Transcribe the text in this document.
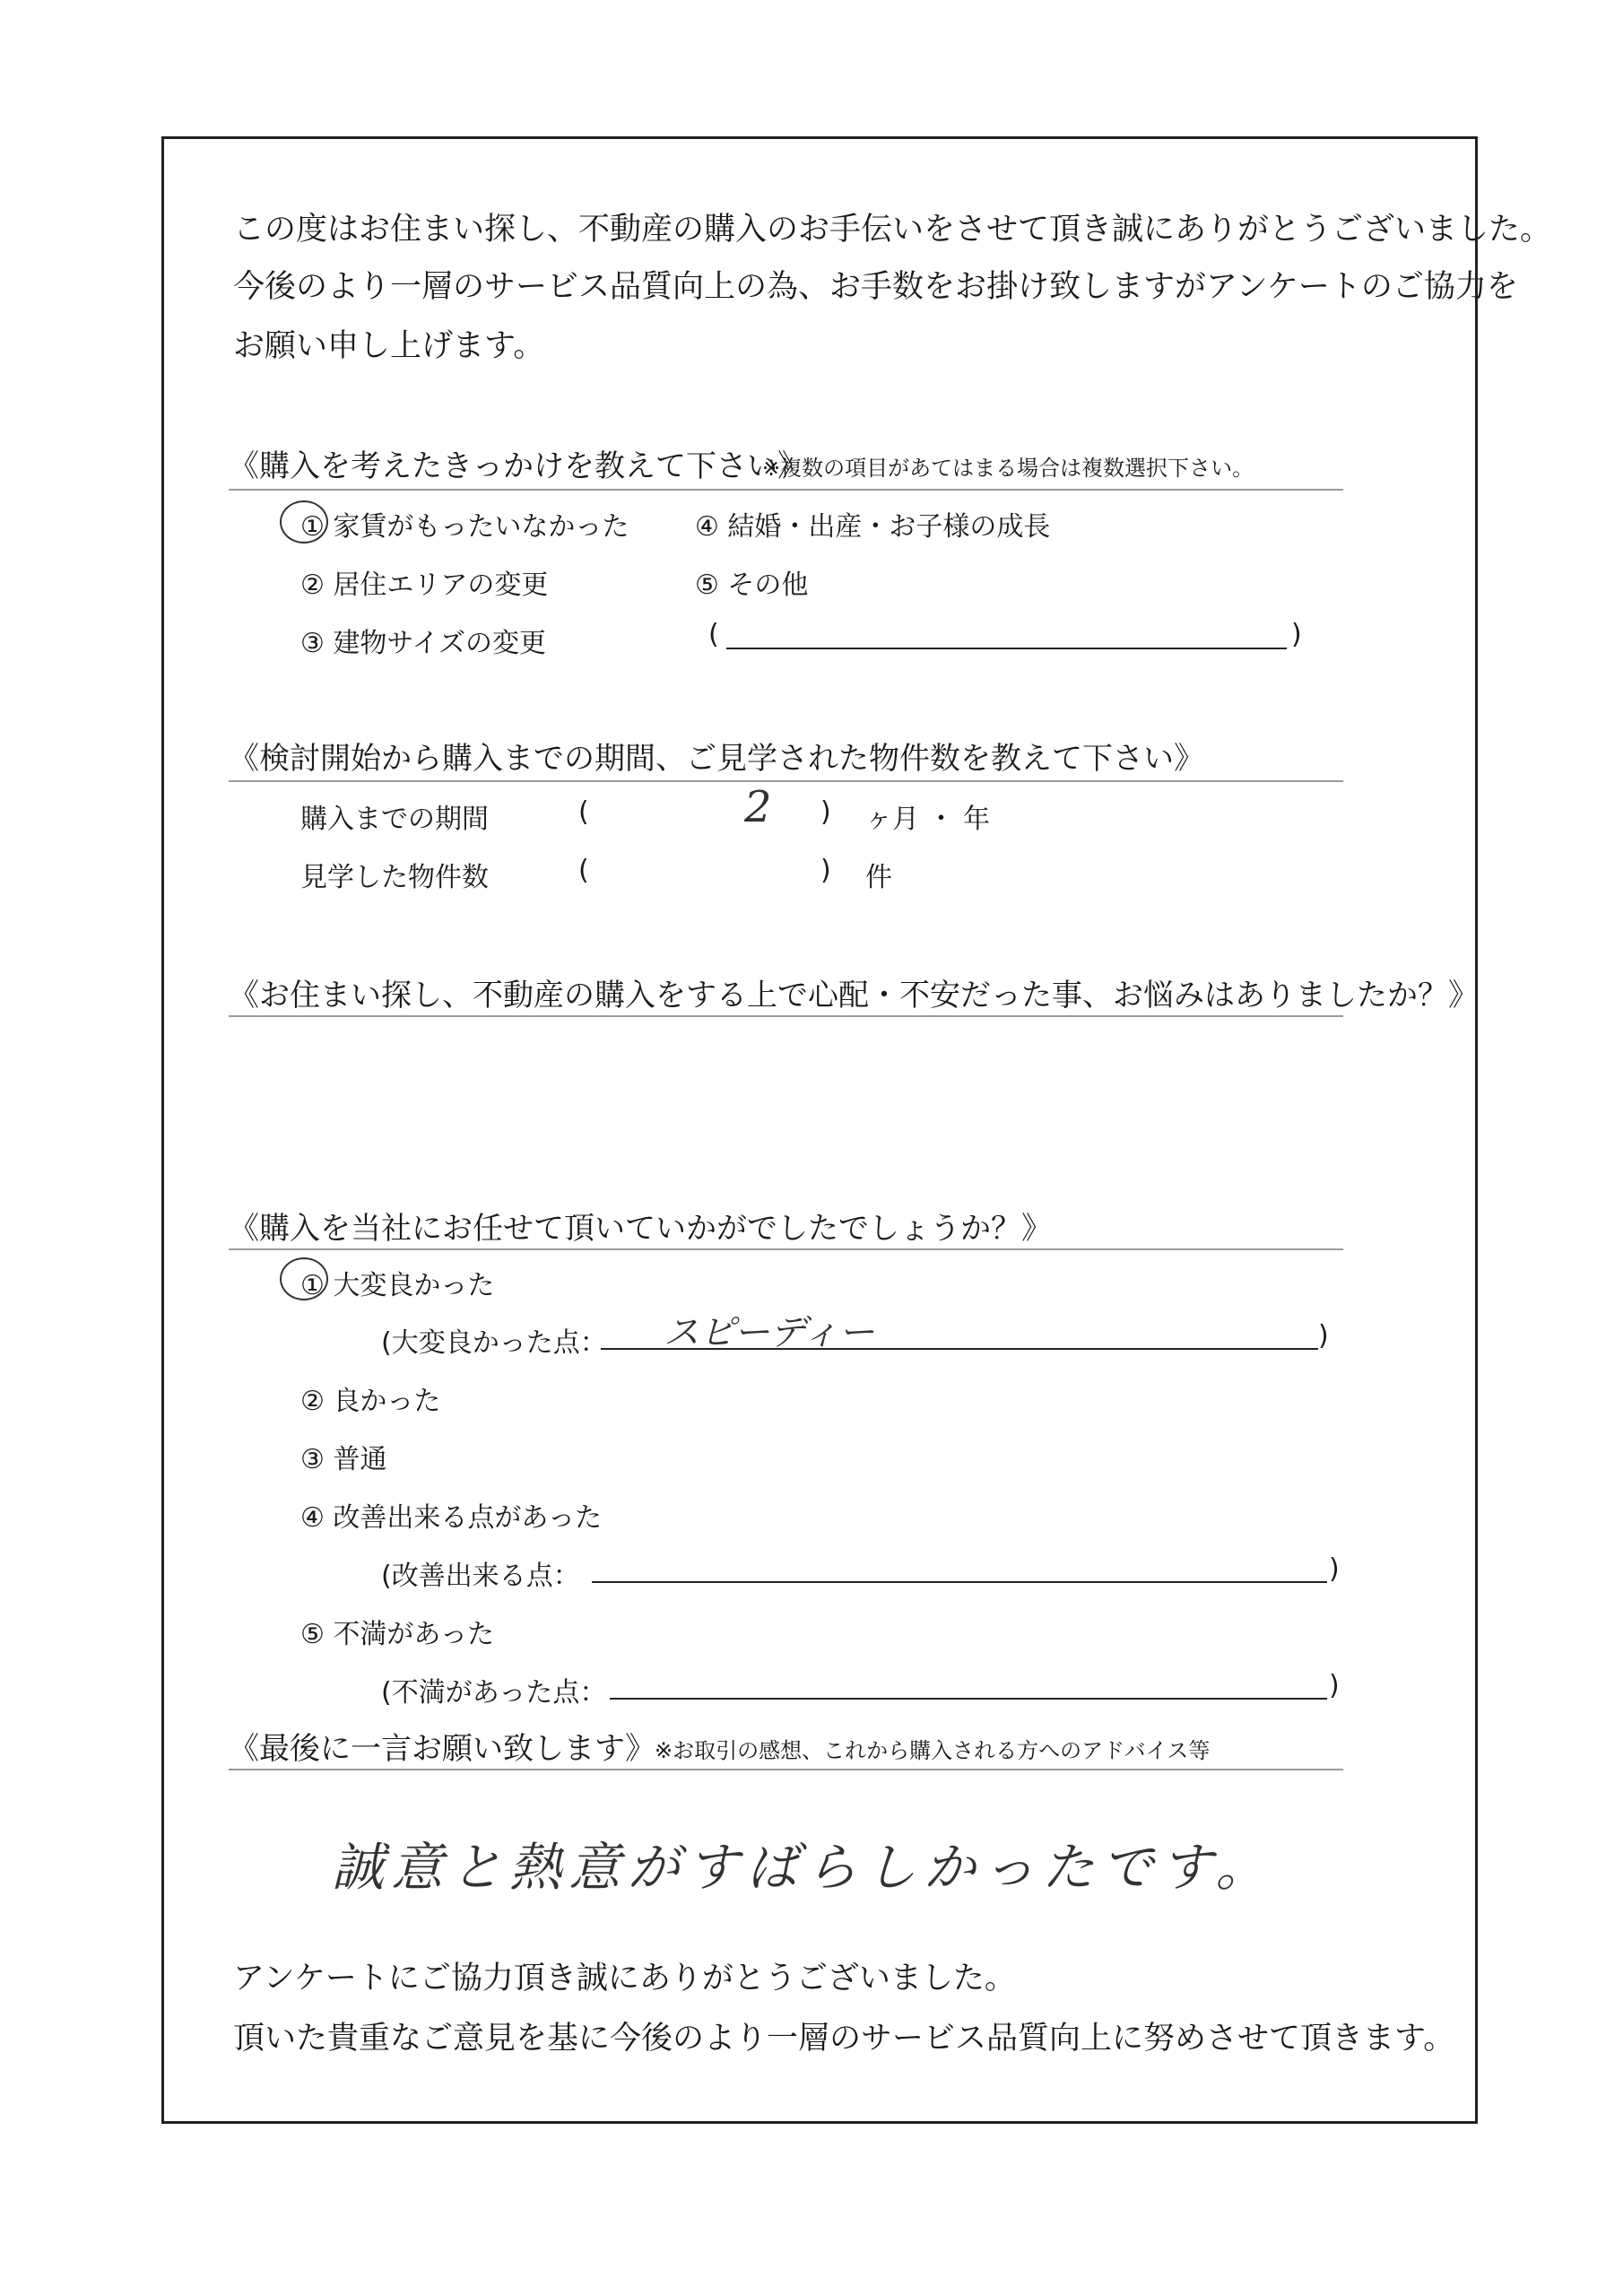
この度はお住まい探し、不動産の購入のお手伝いをさせて頂き誠にありがとうございました。
今後のより一層のサービス品質向上の為、お手数をお掛け致しますがアンケートのご協力を
お願い申し上げます。
《購入を考えたきっかけを教えて下さい》
※複数の項目があてはまる場合は複数選択下さい。
① 家賃がもったいなかった
② 居住エリアの変更
③ 建物サイズの変更
④ 結婚・出産・お子様の成長
⑤ その他
(	)
《検討開始から購入までの期間、ご見学された物件数を教えて下さい》
購入までの期間	(	2 ) ヶ月 ・ 年
見学した物件数	(	) 件
《お住まい探し、不動産の購入をする上で心配・不安だった事、お悩みはありましたか？》
《購入を当社にお任せて頂いていかがでしたでしょうか？》
① 大変良かった
(大変良かった点： スピーディー	)
② 良かった
③ 普通
④ 改善出来る点があった
(改善出来る点：	)
⑤ 不満があった
(不満があった点：	)
《最後に一言お願い致します》 ※お取引の感想、これから購入される方へのアドバイス等
誠意と熱意がすばらしかったです。
アンケートにご協力頂き誠にありがとうございました。
頂いた貴重なご意見を基に今後のより一層のサービス品質向上に努めさせて頂きます。
